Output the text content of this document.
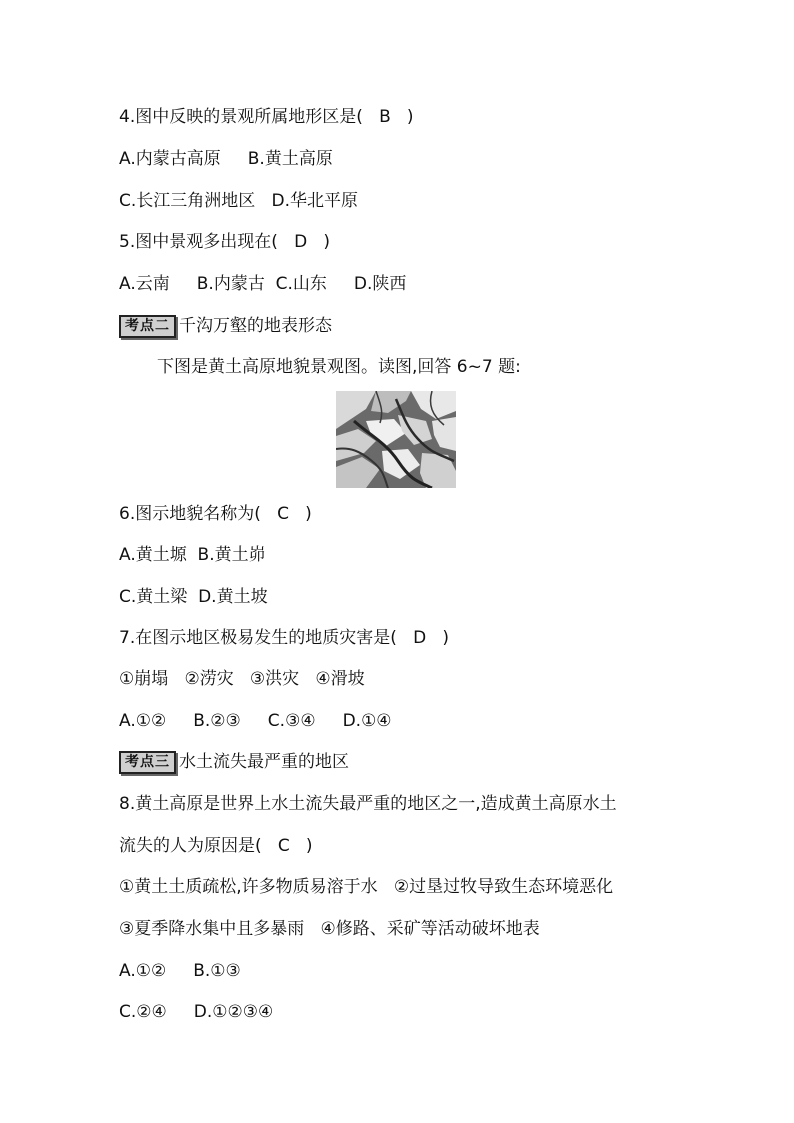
4.图中反映的景观所属地形区是(   B   )
A.内蒙古高原     B.黄土高原
C.长江三角洲地区   D.华北平原
5.图中景观多出现在(   D   )
A.云南     B.内蒙古  C.山东     D.陕西
考点二 千沟万壑的地表形态
下图是黄土高原地貌景观图。读图,回答 6~7 题:
6.图示地貌名称为(   C   )
A.黄土塬  B.黄土峁
C.黄土梁  D.黄土坡
7.在图示地区极易发生的地质灾害是(   D   )
①崩塌   ②涝灾   ③洪灾   ④滑坡
A.①②     B.②③     C.③④     D.①④
考点三 水土流失最严重的地区
8.黄土高原是世界上水土流失最严重的地区之一,造成黄土高原水土
流失的人为原因是(   C   )
①黄土土质疏松,许多物质易溶于水   ②过垦过牧导致生态环境恶化
③夏季降水集中且多暴雨   ④修路、采矿等活动破坏地表
A.①②     B.①③
C.②④     D.①②③④
